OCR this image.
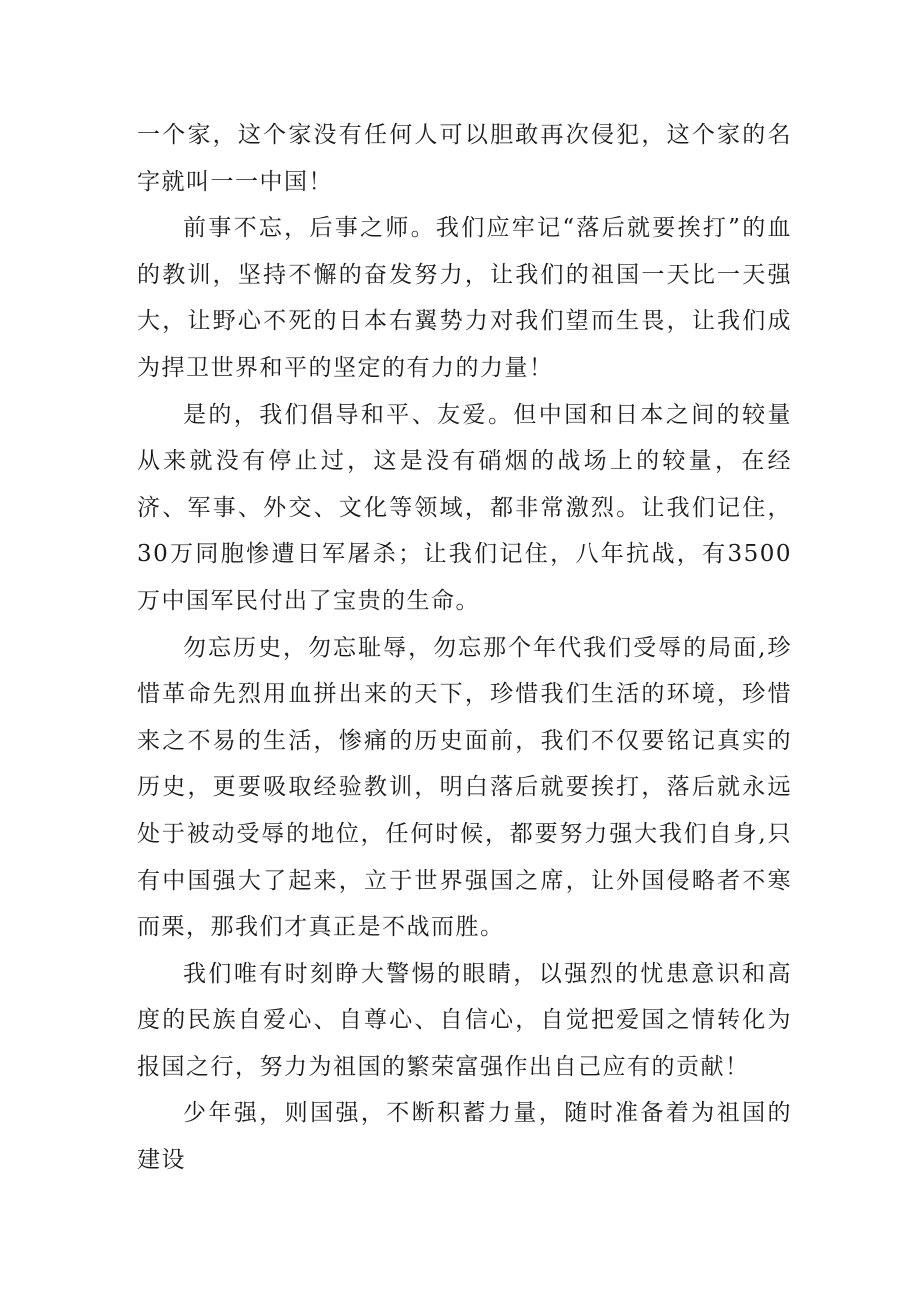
一个家，这个家没有任何人可以胆敢再次侵犯，这个家的名字就叫一一中国！

前事不忘，后事之师。我们应牢记“落后就要挨打”的血的教训，坚持不懈的奋发努力，让我们的祖国一天比一天强大，让野心不死的日本右翼势力对我们望而生畏，让我们成为捍卫世界和平的坚定的有力的力量！

是的，我们倡导和平、友爱。但中国和日本之间的较量从来就没有停止过，这是没有硝烟的战场上的较量，在经济、军事、外交、文化等领域，都非常激烈。让我们记住，30万同胞惨遭日军屠杀；让我们记住，八年抗战，有3500万中国军民付出了宝贵的生命。

勿忘历史，勿忘耻辱，勿忘那个年代我们受辱的局面,珍惜革命先烈用血拼出来的天下，珍惜我们生活的环境，珍惜来之不易的生活，惨痛的历史面前，我们不仅要铭记真实的历史，更要吸取经验教训，明白落后就要挨打，落后就永远处于被动受辱的地位，任何时候，都要努力强大我们自身,只有中国强大了起来，立于世界强国之席，让外国侵略者不寒而栗，那我们才真正是不战而胜。

我们唯有时刻睁大警惕的眼睛，以强烈的忧患意识和高度的民族自爱心、自尊心、自信心，自觉把爱国之情转化为报国之行，努力为祖国的繁荣富强作出自己应有的贡献！

少年强，则国强，不断积蓄力量，随时准备着为祖国的建设
